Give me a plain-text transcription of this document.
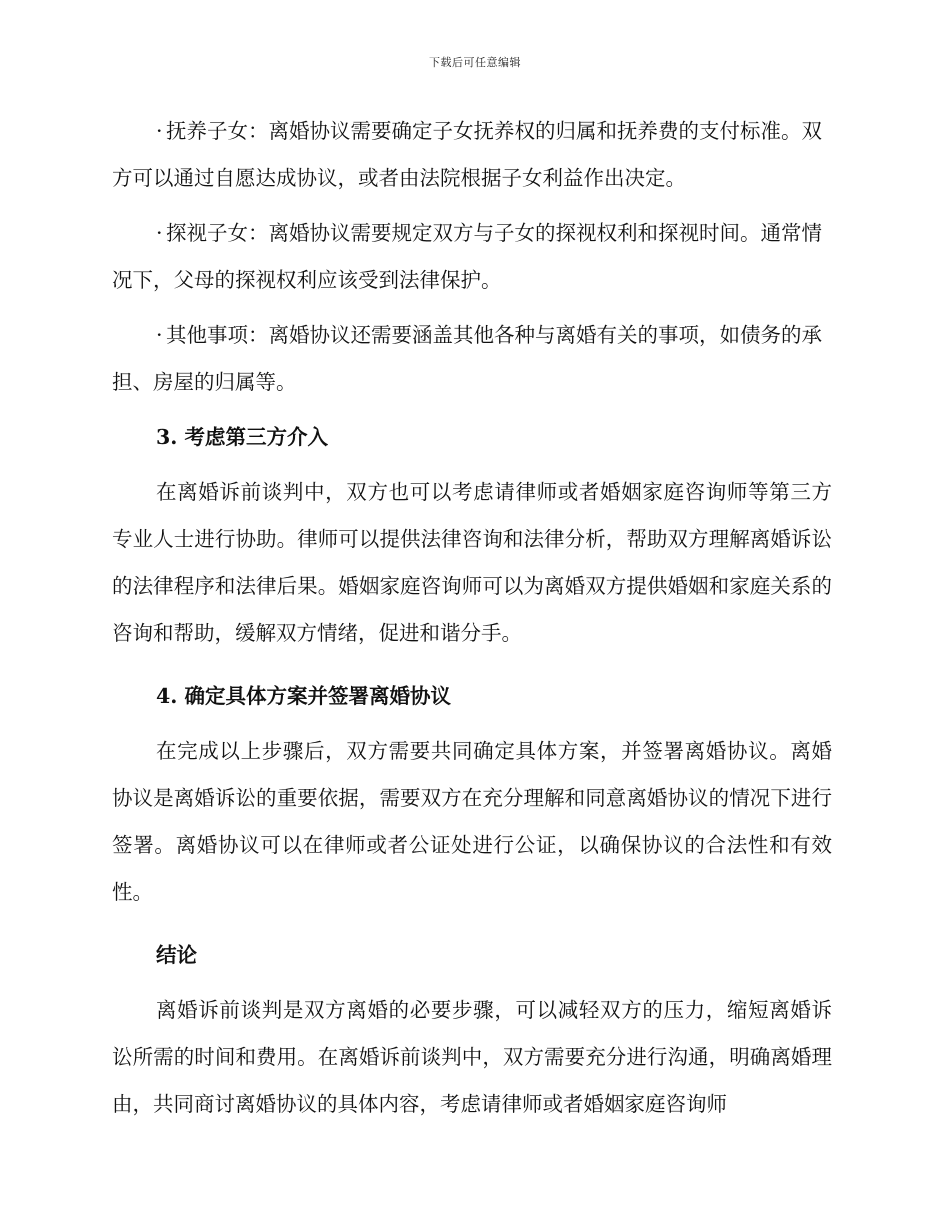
下载后可任意编辑

· 抚养子女：离婚协议需要确定子女抚养权的归属和抚养费的支付标准。双方可以通过自愿达成协议，或者由法院根据子女利益作出决定。

· 探视子女：离婚协议需要规定双方与子女的探视权利和探视时间。通常情况下，父母的探视权利应该受到法律保护。

· 其他事项：离婚协议还需要涵盖其他各种与离婚有关的事项，如债务的承担、房屋的归属等。

3. 考虑第三方介入

在离婚诉前谈判中，双方也可以考虑请律师或者婚姻家庭咨询师等第三方专业人士进行协助。律师可以提供法律咨询和法律分析，帮助双方理解离婚诉讼的法律程序和法律后果。婚姻家庭咨询师可以为离婚双方提供婚姻和家庭关系的咨询和帮助，缓解双方情绪，促进和谐分手。

4. 确定具体方案并签署离婚协议

在完成以上步骤后，双方需要共同确定具体方案，并签署离婚协议。离婚协议是离婚诉讼的重要依据，需要双方在充分理解和同意离婚协议的情况下进行签署。离婚协议可以在律师或者公证处进行公证，以确保协议的合法性和有效性。

结论

离婚诉前谈判是双方离婚的必要步骤，可以减轻双方的压力，缩短离婚诉讼所需的时间和费用。在离婚诉前谈判中，双方需要充分进行沟通，明确离婚理由，共同商讨离婚协议的具体内容，考虑请律师或者婚姻家庭咨询师
